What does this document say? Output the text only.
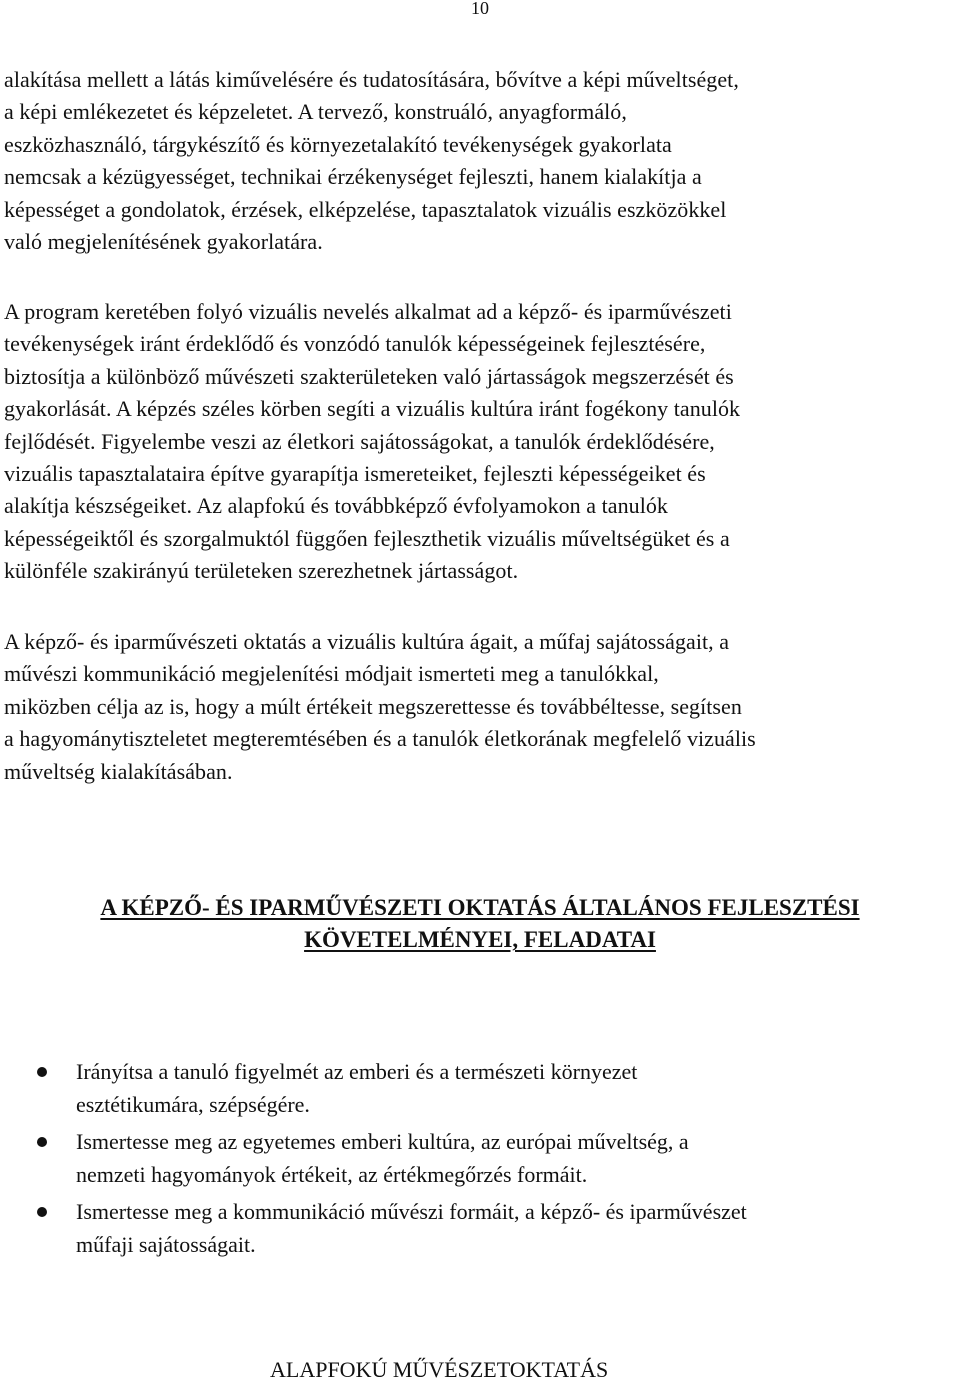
10

alakítása mellett a látás kiművelésére és tudatosítására, bővítve a képi műveltséget,
a képi emlékezetet és képzeletet. A tervező, konstruáló, anyagformáló,
eszközhasználó, tárgykészítő és környezetalakító tevékenységek gyakorlata
nemcsak a kézügyességet, technikai érzékenységet fejleszti, hanem kialakítja a
képességet a gondolatok, érzések, elképzelése, tapasztalatok vizuális eszközökkel
való megjelenítésének gyakorlatára.

A program keretében folyó vizuális nevelés alkalmat ad a képző- és iparművészeti
tevékenységek iránt érdeklődő és vonzódó tanulók képességeinek fejlesztésére,
biztosítja a különböző művészeti szakterületeken való jártasságok megszerzését és
gyakorlását. A képzés széles körben segíti a vizuális kultúra iránt fogékony tanulók
fejlődését. Figyelembe veszi az életkori sajátosságokat, a tanulók érdeklődésére,
vizuális tapasztalataira építve gyarapítja ismereteiket, fejleszti képességeiket és
alakítja készségeiket. Az alapfokú és továbbképző évfolyamokon a tanulók
képességeiktől és szorgalmuktól függően fejleszthetik vizuális műveltségüket és a
különféle szakirányú területeken szerezhetnek jártasságot.

A képző- és iparművészeti oktatás a vizuális kultúra ágait, a műfaj sajátosságait, a
művészi kommunikáció megjelenítési módjait ismerteti meg a tanulókkal,
miközben célja az is, hogy a múlt értékeit megszerettesse és továbbéltesse, segítsen
a hagyománytiszteletet megteremtésében és a tanulók életkorának megfelelő vizuális
műveltség kialakításában.

A KÉPZŐ- ÉS IPARMŰVÉSZETI OKTATÁS ÁLTALÁNOS FEJLESZTÉSI
KÖVETELMÉNYEI, FELADATAI
Irányítsa a tanuló figyelmét az emberi és a természeti környezet
esztétikumára, szépségére.
Ismertesse meg az egyetemes emberi kultúra, az európai műveltség, a
nemzeti hagyományok értékeit, az értékmegőrzés formáit.
Ismertesse meg a kommunikáció művészi formáit, a képző- és iparművészet
műfaji sajátosságait.

ALAPFOKÚ MŰVÉSZETOKTATÁS
